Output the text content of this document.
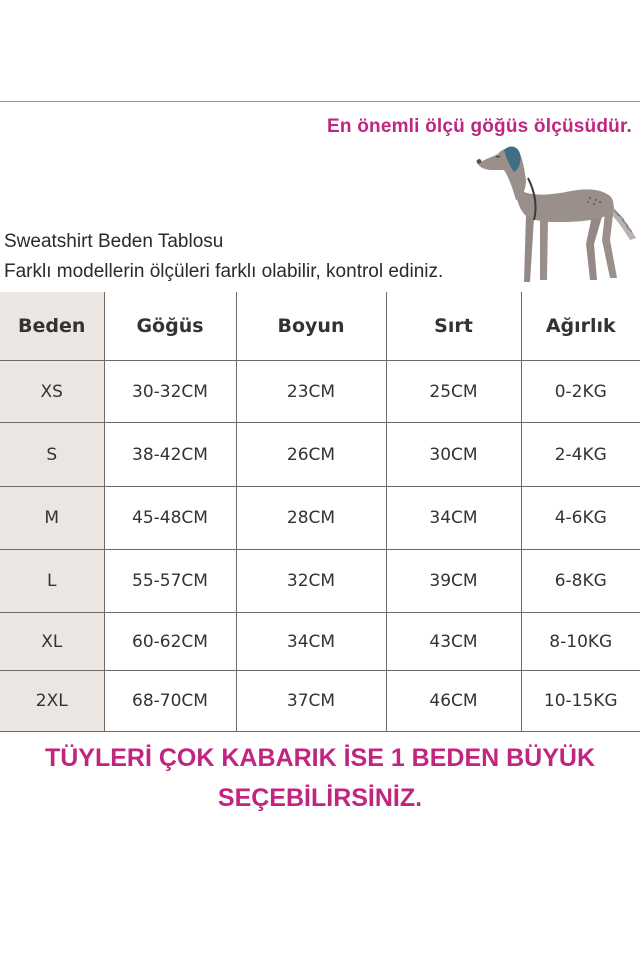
En önemli ölçü göğüs ölçüsüdür.
Sweatshirt Beden Tablosu
Farklı modellerin ölçüleri farklı olabilir, kontrol ediniz.
Beden	Göğüs	Boyun	Sırt	Ağırlık
XS	30-32CM	23CM	25CM	0-2KG
S	38-42CM	26CM	30CM	2-4KG
M	45-48CM	28CM	34CM	4-6KG
L	55-57CM	32CM	39CM	6-8KG
XL	60-62CM	34CM	43CM	8-10KG
2XL	68-70CM	37CM	46CM	10-15KG
TÜYLERİ ÇOK KABARIK İSE 1 BEDEN BÜYÜK
SEÇEBİLİRSİNİZ.
